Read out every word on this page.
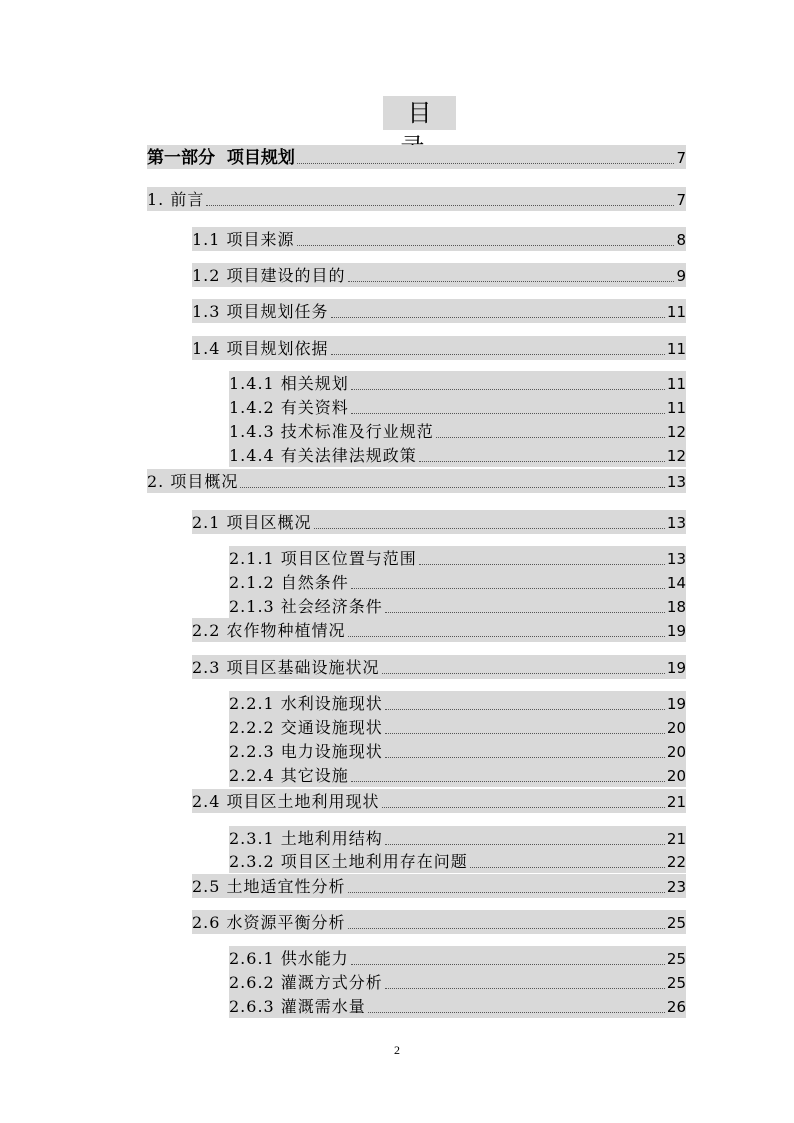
目
第一部分  项目规划	7
1. 前言	7
1.1 项目来源	8
1.2 项目建设的目的	9
1.3 项目规划任务	11
1.4 项目规划依据	11
1.4.1 相关规划	11
1.4.2 有关资料	11
1.4.3 技术标准及行业规范	12
1.4.4 有关法律法规政策	12
2. 项目概况	13
2.1 项目区概况	13
2.1.1 项目区位置与范围	13
2.1.2 自然条件	14
2.1.3 社会经济条件	18
2.2 农作物种植情况	19
2.3 项目区基础设施状况	19
2.2.1 水利设施现状	19
2.2.2 交通设施现状	20
2.2.3 电力设施现状	20
2.2.4 其它设施	20
2.4 项目区土地利用现状	21
2.3.1 土地利用结构	21
2.3.2 项目区土地利用存在问题	22
2.5 土地适宜性分析	23
2.6 水资源平衡分析	25
2.6.1 供水能力	25
2.6.2 灌溉方式分析	25
2.6.3 灌溉需水量	26
2
